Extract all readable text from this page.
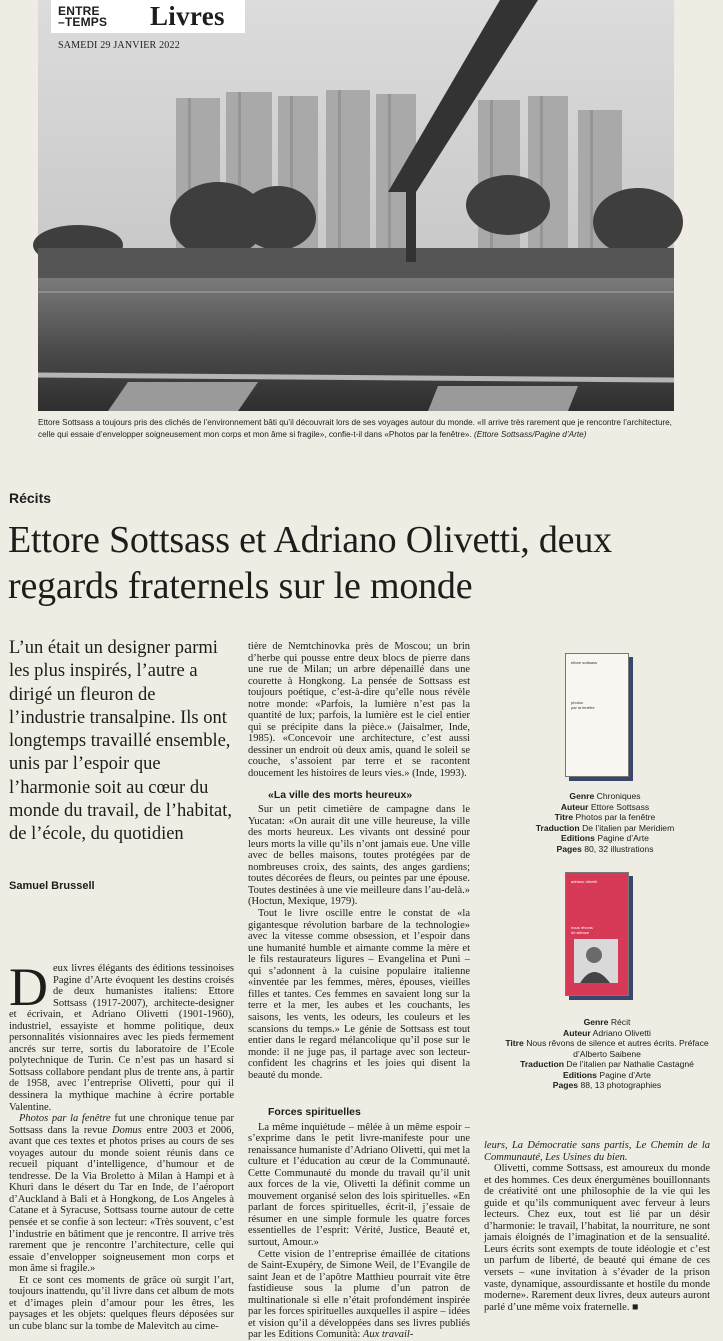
ENTRE
–TEMPS Livres
SAMEDI 29 JANVIER 2022
Ettore Sottsass a toujours pris des clichés de l’environnement bâti qu’il découvrait lors de ses voyages autour du monde. «Il arrive très rarement que je rencontre l’architecture, celle qui essaie d’envelopper soigneusement mon corps et mon âme si fragile», confie-t-il dans «Photos par la fenêtre». (Ettore Sottsass/Pagine d’Arte)
Récits
Ettore Sottsass et Adriano Olivetti, deux regards fraternels sur le monde
L’un était un designer parmi les plus inspirés, l’autre a dirigé un fleuron de l’industrie transalpine. Ils ont longtemps travaillé ensemble, unis par l’espoir que l’harmonie soit au cœur du monde du travail, de l’habitat, de l’école, du quotidien
Samuel Brussell

Deux livres élégants des éditions tessinoises Pagine d’Arte évoquent les destins croisés de deux humanistes italiens: Ettore Sottsass (1917-2007), architecte-designer et écrivain, et Adriano Olivetti (1901-1960), industriel, essayiste et homme politique, deux personnalités visionnaires avec les pieds fermement ancrés sur terre, sortis du laboratoire de l’Ecole polytechnique de Turin. Ce n’est pas un hasard si Sottsass collabore pendant plus de trente ans, à partir de 1958, avec l’entreprise Olivetti, pour qui il dessinera la mythique machine à écrire portable Valentine.

Photos par la fenêtre fut une chronique tenue par Sottsass dans la revue Domus entre 2003 et 2006, avant que ces textes et photos prises au cours de ses voyages autour du monde soient réunis dans ce recueil piquant d’intelligence, d’humour et de tendresse. De la Via Broletto à Milan à Hampi et à Khuri dans le désert du Tar en Inde, de l’aéroport d’Auckland à Bali et à Hongkong, de Los Angeles à Catane et à Syracuse, Sottsass tourne autour de cette pensée et se confie à son lecteur: «Très souvent, c’est l’industrie en bâtiment que je rencontre. Il arrive très rarement que je rencontre l’architecture, celle qui essaie d’envelopper soigneusement mon corps et mon âme si fragile.»

Et ce sont ces moments de grâce où surgit l’art, toujours inattendu, qu’il livre dans cet album de mots et d’images plein d’amour pour les êtres, les paysages et les objets: quelques fleurs déposées sur un cube blanc sur la tombe de Malevitch au cime-

tière de Nemtchinovka près de Moscou; un brin d’herbe qui pousse entre deux blocs de pierre dans une rue de Milan; un arbre dépenaillé dans une courette à Hongkong. La pensée de Sottsass est toujours poétique, c’est-à-dire qu’elle nous révèle notre monde: «Parfois, la lumière n’est pas la quantité de lux; parfois, la lumière est le ciel entier qui se précipite dans la pièce.» (Jaisalmer, Inde, 1985). «Concevoir une architecture, c’est aussi dessiner un endroit où deux amis, quand le soleil se couche, s’assoient par terre et se racontent doucement les histoires de leurs vies.» (Inde, 1993).

«La ville des morts heureux»

Sur un petit cimetière de campagne dans le Yucatan: «On aurait dit une ville heureuse, la ville des morts heureux. Les vivants ont dessiné pour leurs morts la ville qu’ils n’ont jamais eue. Une ville avec de belles maisons, toutes protégées par de nombreuses croix, des saints, des anges gardiens; toutes décorées de fleurs, ou peintes par une épouse. Toutes destinées à une vie meilleure dans l’au-delà.» (Hoctun, Mexique, 1979).

Tout le livre oscille entre le constat de «la gigantesque révolution barbare de la technologie» avec la vitesse comme obsession, et l’espoir dans une humanité humble et aimante comme la mère et le fils restaurateurs ligures – Evangelina et Puni – qui s’adonnent à la cuisine populaire italienne «inventée par les femmes, mères, épouses, vieilles filles et tantes. Ces femmes en savaient long sur la terre et la mer, les aubes et les couchants, les saisons, les vents, les odeurs, les couleurs et les scansions du temps.» Le génie de Sottsass est tout entier dans le regard mélancolique qu’il pose sur le monde: il ne juge pas, il partage avec son lecteur-confident les chagrins et les joies qui disent la beauté du monde.

Forces spirituelles

La même inquiétude – mêlée à un même espoir – s’exprime dans le petit livre-manifeste pour une renaissance humaniste d’Adriano Olivetti, qui met la culture et l’éducation au cœur de la Communauté. Cette Communauté du monde du travail qu’il unit aux forces de la vie, Olivetti la définit comme un mouvement organisé selon des lois spirituelles. «En parlant de forces spirituelles, écrit-il, j’essaie de résumer en une simple formule les quatre forces essentielles de l’esprit: Vérité, Justice, Beauté et, surtout, Amour.»

Cette vision de l’entreprise émaillée de citations de Saint-Exupéry, de Simone Weil, de l’Evangile de saint Jean et de l’apôtre Matthieu pourrait vite être fastidieuse sous la plume d’un patron de multinationale si elle n’était profondément inspirée par les forces spirituelles auxquelles il aspire – idées et vision qu’il a développées dans ses livres publiés par les Editions Comunità: Aux travail-

leurs, La Démocratie sans partis, Le Chemin de la Communauté, Les Usines du bien.

Olivetti, comme Sottsass, est amoureux du monde et des hommes. Ces deux énergumènes bouillonnants de créativité ont une philosophie de la vie qui les guide et qu’ils communiquent avec ferveur à leurs lecteurs. Chez eux, tout est lié par un désir d’harmonie: le travail, l’habitat, la nourriture, ne sont jamais éloignés de l’imagination et de la sensualité. Leurs écrits sont exempts de toute idéologie et c’est un parfum de liberté, de beauté qui émane de ces versets – «une invitation à s’évader de la prison vaste, dynamique, assourdissante et hostile du monde moderne». Rarement deux livres, deux auteurs auront parlé d’une même voix fraternelle. ■

ettore sottsass
photos
par la fenêtre
Genre Chroniques
Auteur Ettore Sottsass
Titre Photos par la fenêtre
Traduction De l’italien par Meridiem
Editions Pagine d’Arte
Pages 80, 32 illustrations
adriano olivetti
nous rêvons
de silence
Genre Récit
Auteur Adriano Olivetti
Titre Nous rêvons de silence et autres écrits. Préface d’Alberto Saibene
Traduction De l’italien par Nathalie Castagné
Editions Pagine d’Arte
Pages 88, 13 photographies
